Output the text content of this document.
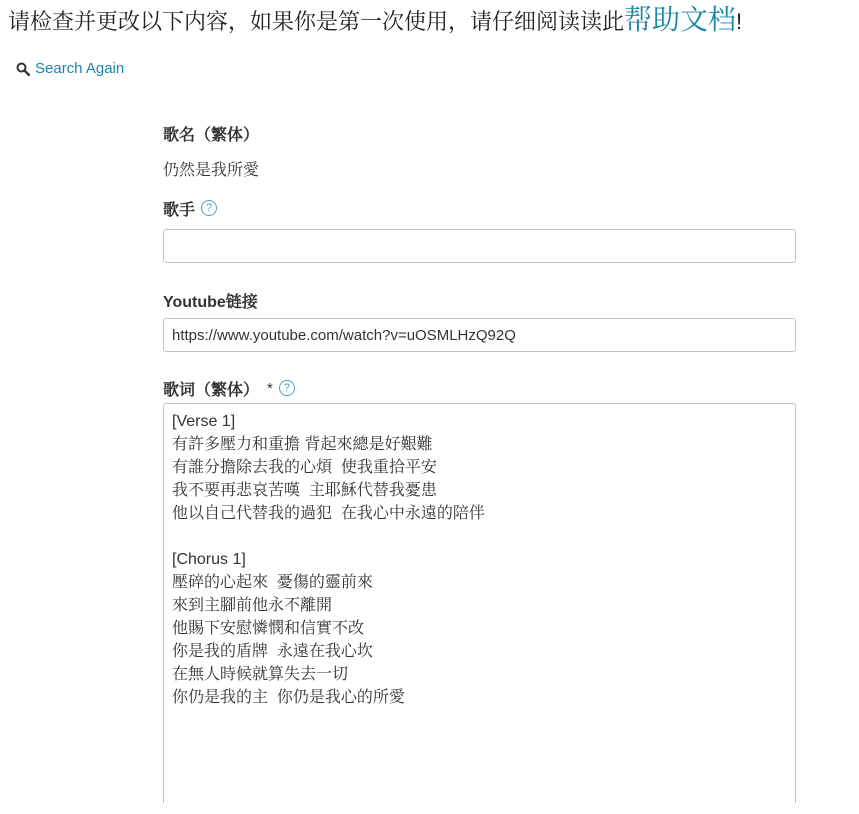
请检查并更改以下内容，如果你是第一次使用，请仔细阅读读此帮助文档!
Search Again
歌名（繁体）
仍然是我所愛
歌手 ?
Youtube链接
https://www.youtube.com/watch?v=uOSMLHzQ92Q
歌词（繁体） * ?
[Verse 1] 有許多壓力和重擔 背起來總是好艱難 有誰分擔除去我的心煩 使我重拾平安 我不要再悲哀苦嘆 主耶穌代替我憂患 他以自己代替我的過犯 在我心中永遠的陪伴 [Chorus 1] 壓碎的心起來 憂傷的靈前來 來到主腳前他永不離開 他賜下安慰憐憫和信實不改 你是我的盾牌 永遠在我心坎 在無人時候就算失去一切 你仍是我的主 你仍是我心的所愛
